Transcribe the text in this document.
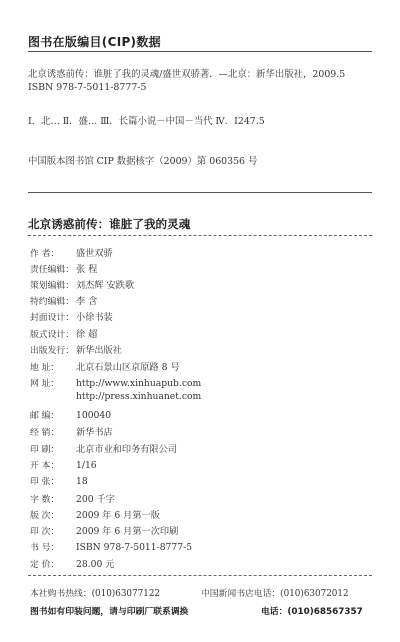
图书在版编目(CIP)数据
北京诱惑前传：谁脏了我的灵魂/盛世双骄著．—北京：新华出版社，2009.5
ISBN 978-7-5011-8777-5
Ⅰ．北… Ⅱ．盛… Ⅲ．长篇小说－中国－当代 Ⅳ．I247.5
中国版本图书馆 CIP 数据核字（2009）第 060356 号
北京诱惑前传：谁脏了我的灵魂
作 者： 盛世双骄
责任编辑： 张 程
策划编辑： 刘杰辉 安跌歌
特约编辑： 李 含
封面设计： 小徐书装
版式设计： 徐 超
出版发行： 新华出版社
地 址： 北京石景山区京原路 8 号
网 址： http://www.xinhuapub.com
http://press.xinhuanet.com
邮 编： 100040
经 销： 新华书店
印 刷： 北京市业和印务有限公司
开 本： 1/16
印 张： 18
字 数： 200 千字
版 次： 2009 年 6 月第一版
印 次： 2009 年 6 月第一次印刷
书 号： ISBN 978-7-5011-8777-5
定 价： 28.00 元
本社购书热线：(010)63077122	中国新闻书店电话：(010)63072012
图书如有印装问题，请与印刷厂联系调换	电话：(010)68567357
